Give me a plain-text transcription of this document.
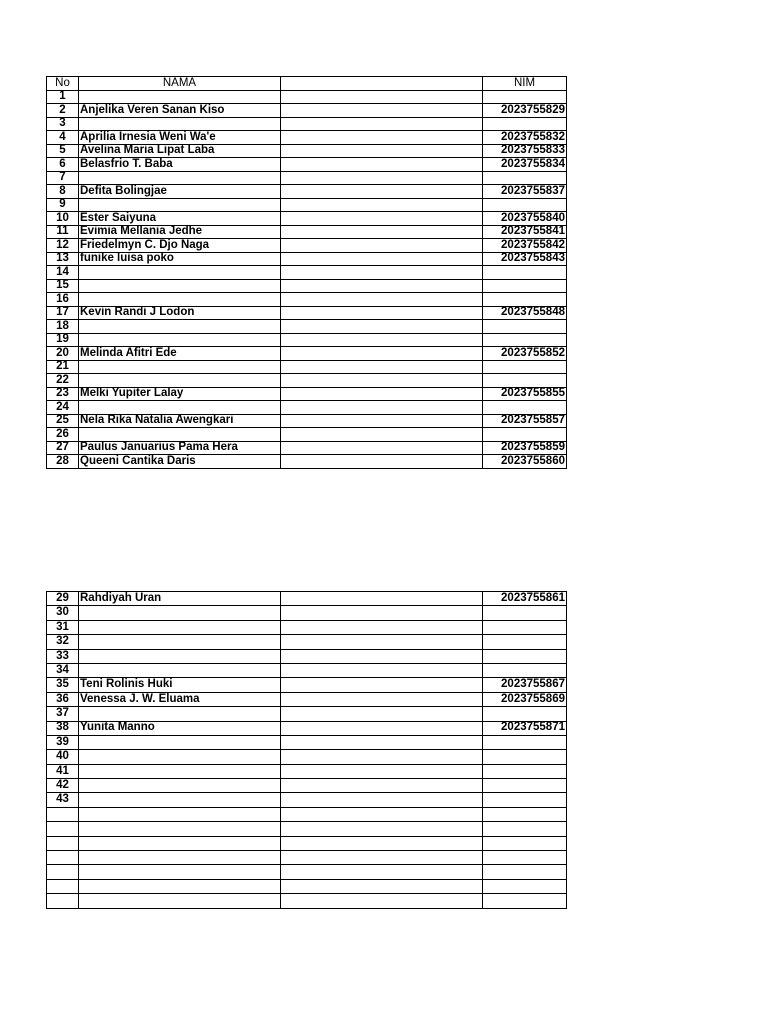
No	NAMA		NIM
1			
2	Anjelika Veren Sanan Kiso		2023755829
3			
4	Aprilia Irnesia Weni Wa'e		2023755832
5	Avelina Maria Lipat Laba		2023755833
6	Belasfrio T. Baba		2023755834
7			
8	Defita Bolingjae		2023755837
9			
10	Ester Saiyuna		2023755840
11	Evimia Mellania Jedhe		2023755841
12	Friedelmyn C. Djo Naga		2023755842
13	funike luisa poko		2023755843
14			
15			
16			
17	Kevin Randi J Lodon		2023755848
18			
19			
20	Melinda Afitri Ede		2023755852
21			
22			
23	Melki Yupiter Lalay		2023755855
24			
25	Nela Rika Natalia Awengkari		2023755857
26			
27	Paulus Januarius Pama Hera		2023755859
28	Queeni Cantika Daris		2023755860
29	Rahdiyah Uran		2023755861
30			
31			
32			
33			
34			
35	Teni Rolinis Huki		2023755867
36	Venessa J. W. Eluama		2023755869
37			
38	Yunita Manno		2023755871
39			
40			
41			
42			
43			
